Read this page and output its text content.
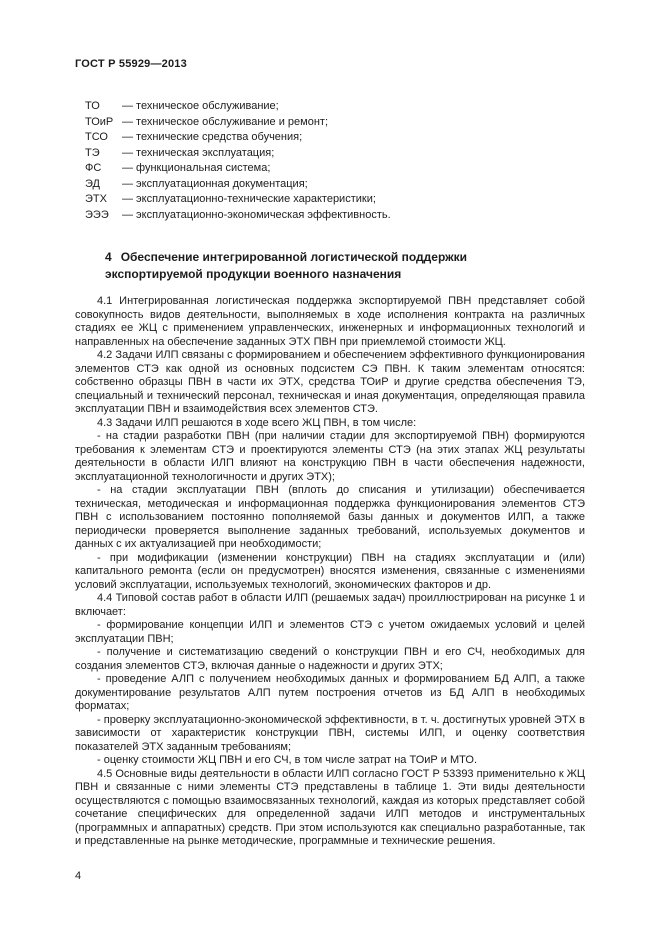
ГОСТ Р 55929—2013
ТО	— техническое обслуживание;
ТОиР — техническое обслуживание и ремонт;
ТСО	— технические средства обучения;
ТЭ	— техническая эксплуатация;
ФС	— функциональная система;
ЭД	— эксплуатационная документация;
ЭТХ	— эксплуатационно-технические характеристики;
ЭЭЭ	— эксплуатационно-экономическая эффективность.
4 Обеспечение интегрированной логистической поддержки экспортируемой продукции военного назначения

4.1 Интегрированная логистическая поддержка экспортируемой ПВН представляет собой совокупность видов деятельности, выполняемых в ходе исполнения контракта на различных стадиях ее ЖЦ с применением управленческих, инженерных и информационных технологий и направленных на обеспечение заданных ЭТХ ПВН при приемлемой стоимости ЖЦ.

4.2 Задачи ИЛП связаны с формированием и обеспечением эффективного функционирования элементов СТЭ как одной из основных подсистем СЭ ПВН. К таким элементам относятся: собственно образцы ПВН в части их ЭТХ, средства ТОиР и другие средства обеспечения ТЭ, специальный и технический персонал, техническая и иная документация, определяющая правила эксплуатации ПВН и взаимодействия всех элементов СТЭ.

4.3 Задачи ИЛП решаются в ходе всего ЖЦ ПВН, в том числе:

- на стадии разработки ПВН (при наличии стадии для экспортируемой ПВН) формируются требования к элементам СТЭ и проектируются элементы СТЭ (на этих этапах ЖЦ результаты деятельности в области ИЛП влияют на конструкцию ПВН в части обеспечения надежности, эксплуатационной технологичности и других ЭТХ);

- на стадии эксплуатации ПВН (вплоть до списания и утилизации) обеспечивается техническая, методическая и информационная поддержка функционирования элементов СТЭ ПВН с использованием постоянно пополняемой базы данных и документов ИЛП, а также периодически проверяется выполнение заданных требований, используемых документов и данных с их актуализацией при необходимости;

- при модификации (изменении конструкции) ПВН на стадиях эксплуатации и (или) капитального ремонта (если он предусмотрен) вносятся изменения, связанные с изменениями условий эксплуатации, используемых технологий, экономических факторов и др.

4.4 Типовой состав работ в области ИЛП (решаемых задач) проиллюстрирован на рисунке 1 и включает:

- формирование концепции ИЛП и элементов СТЭ с учетом ожидаемых условий и целей эксплуатации ПВН;

- получение и систематизацию сведений о конструкции ПВН и его СЧ, необходимых для создания элементов СТЭ, включая данные о надежности и других ЭТХ;

- проведение АЛП с получением необходимых данных и формированием БД АЛП, а также документирование результатов АЛП путем построения отчетов из БД АЛП в необходимых форматах;

- проверку эксплуатационно-экономической эффективности, в т. ч. достигнутых уровней ЭТХ в зависимости от характеристик конструкции ПВН, системы ИЛП, и оценку соответствия показателей ЭТХ заданным требованиям;

- оценку стоимости ЖЦ ПВН и его СЧ, в том числе затрат на ТОиР и МТО.

4.5 Основные виды деятельности в области ИЛП согласно ГОСТ Р 53393 применительно к ЖЦ ПВН и связанные с ними элементы СТЭ представлены в таблице 1. Эти виды деятельности осуществляются с помощью взаимосвязанных технологий, каждая из которых представляет собой сочетание специфических для определенной задачи ИЛП методов и инструментальных (программных и аппаратных) средств. При этом используются как специально разработанные, так и представленные на рынке методические, программные и технические решения.

4
